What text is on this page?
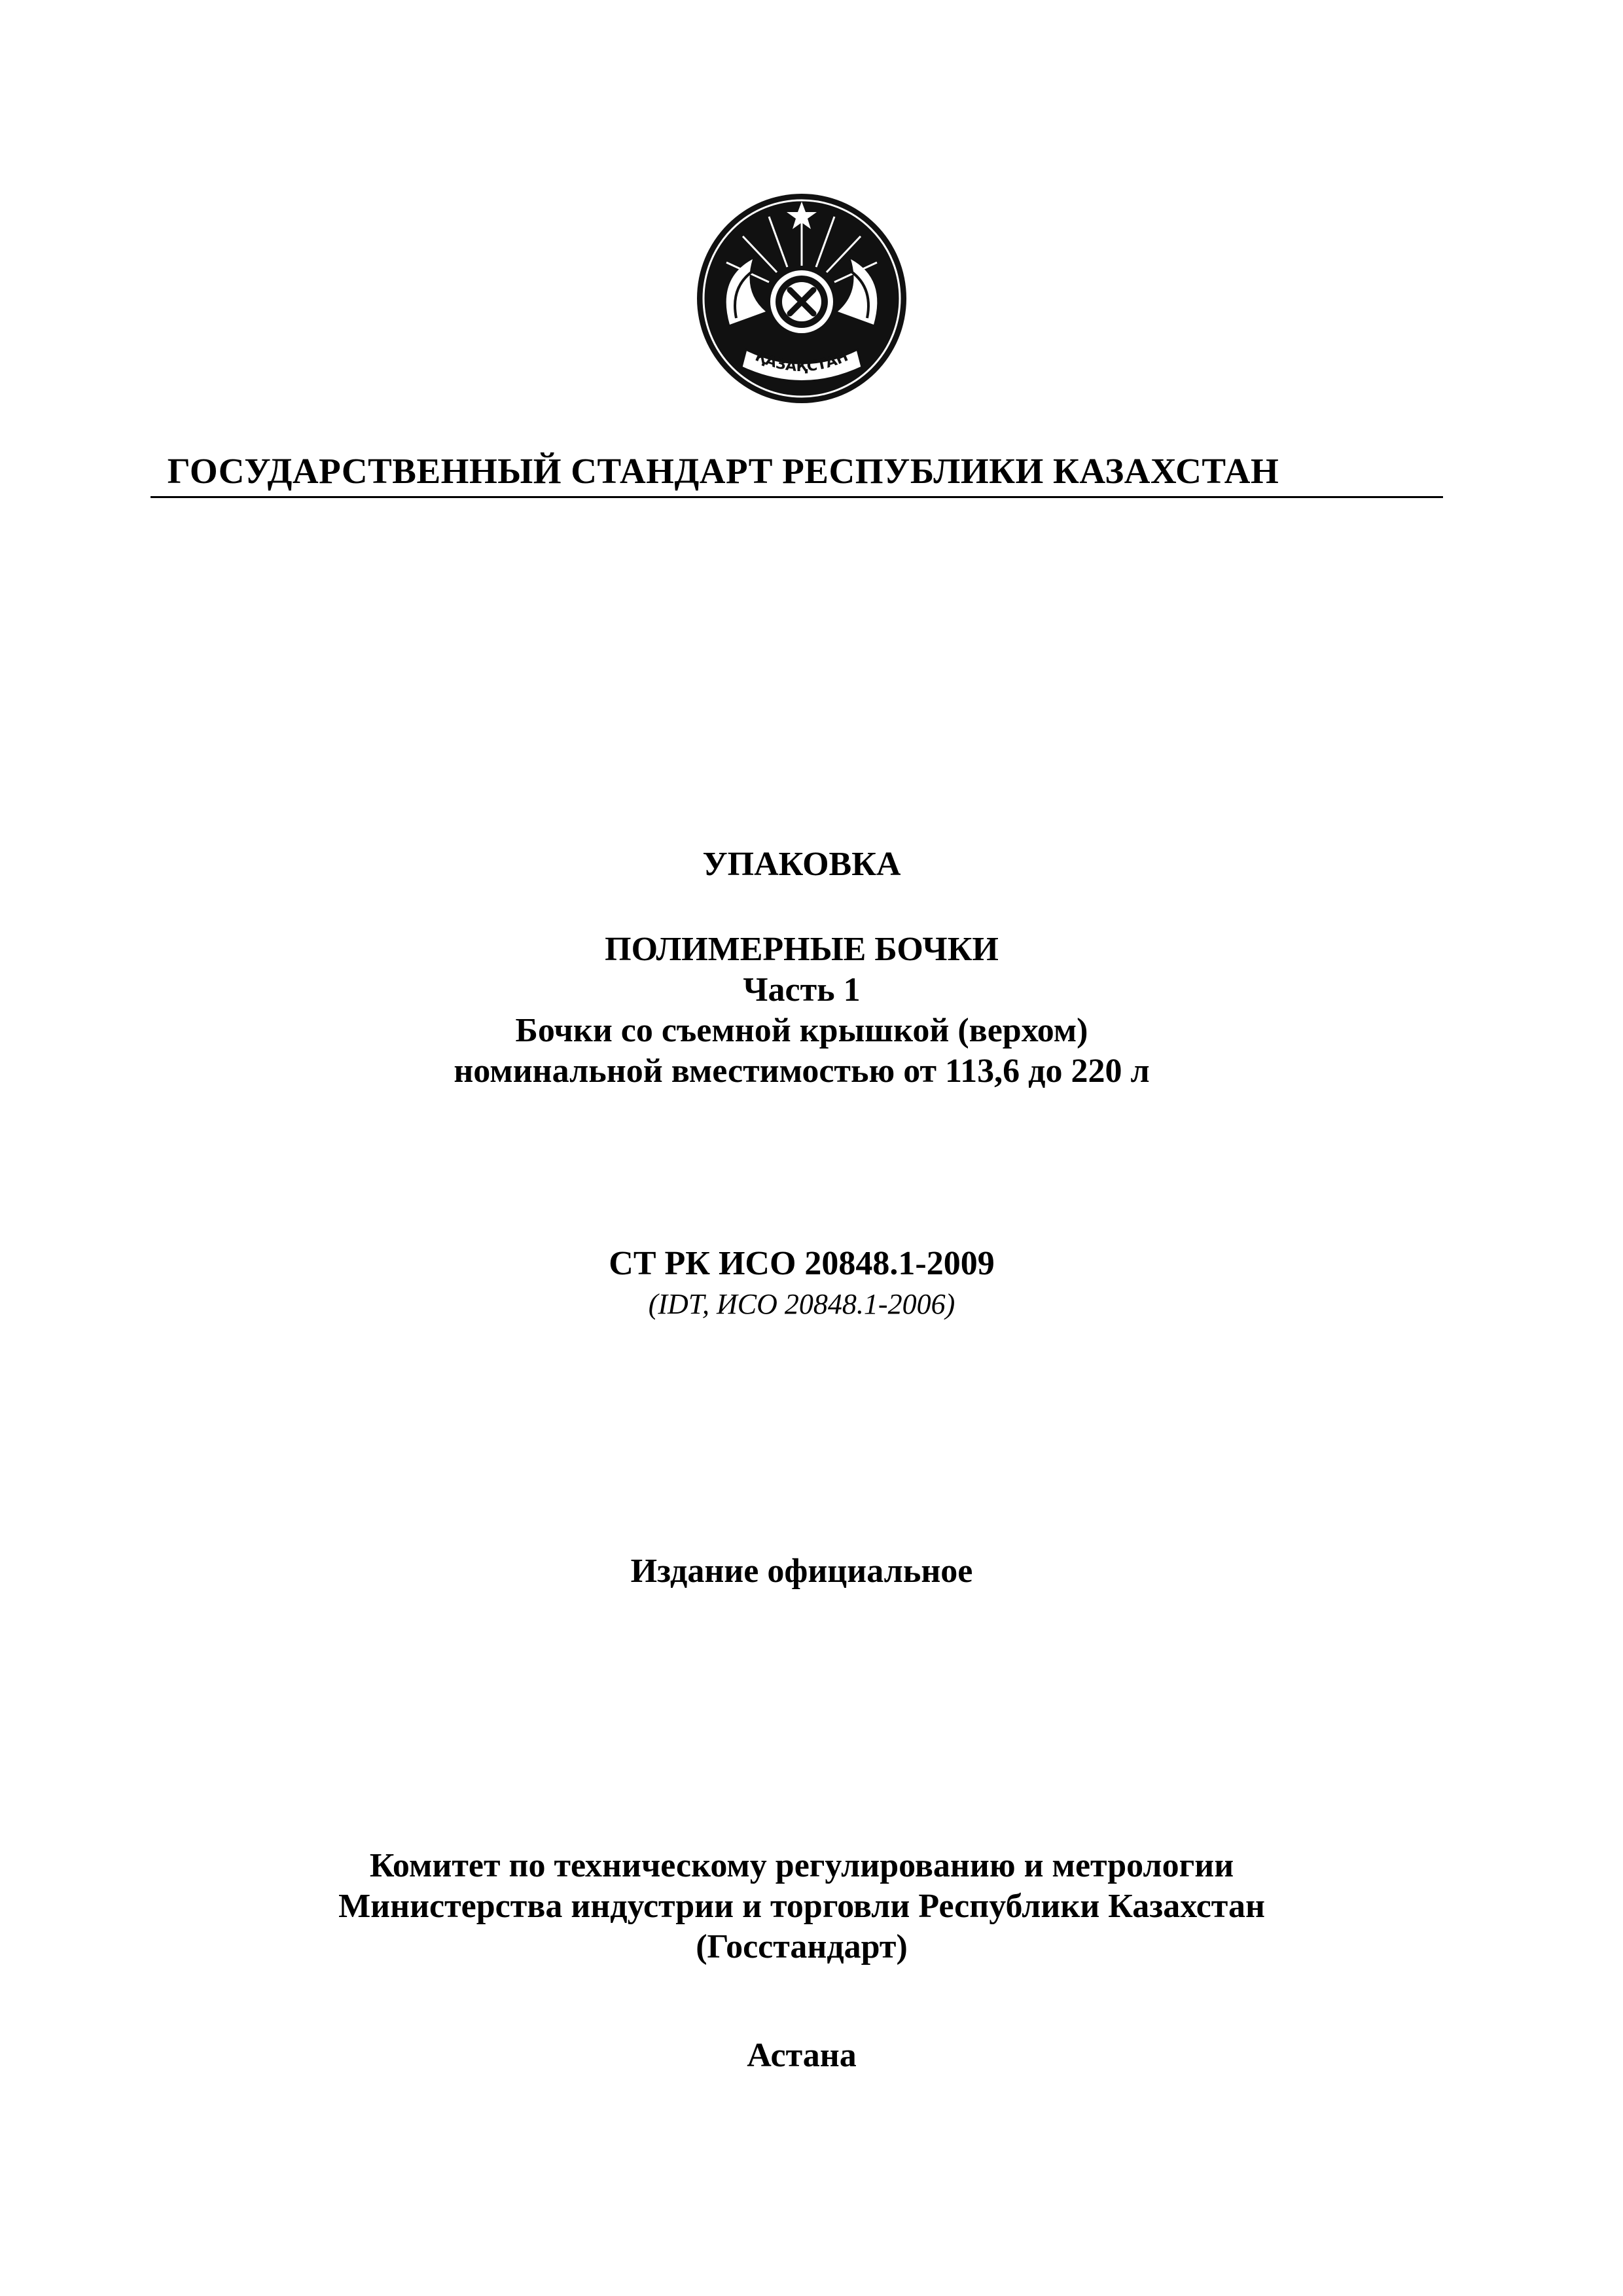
ҚАЗАҚСТАН
ГОСУДАРСТВЕННЫЙ СТАНДАРТ РЕСПУБЛИКИ КАЗАХСТАН
УПАКОВКА
ПОЛИМЕРНЫЕ БОЧКИ
Часть 1
Бочки со съемной крышкой (верхом)
номинальной вместимостью от 113,6 до 220 л
СТ РК ИСО 20848.1-2009
(IDT, ИСО 20848.1-2006)
Издание официальное
Комитет по техническому регулированию и метрологии
Министерства индустрии и торговли Республики Казахстан
(Госстандарт)
Астана
